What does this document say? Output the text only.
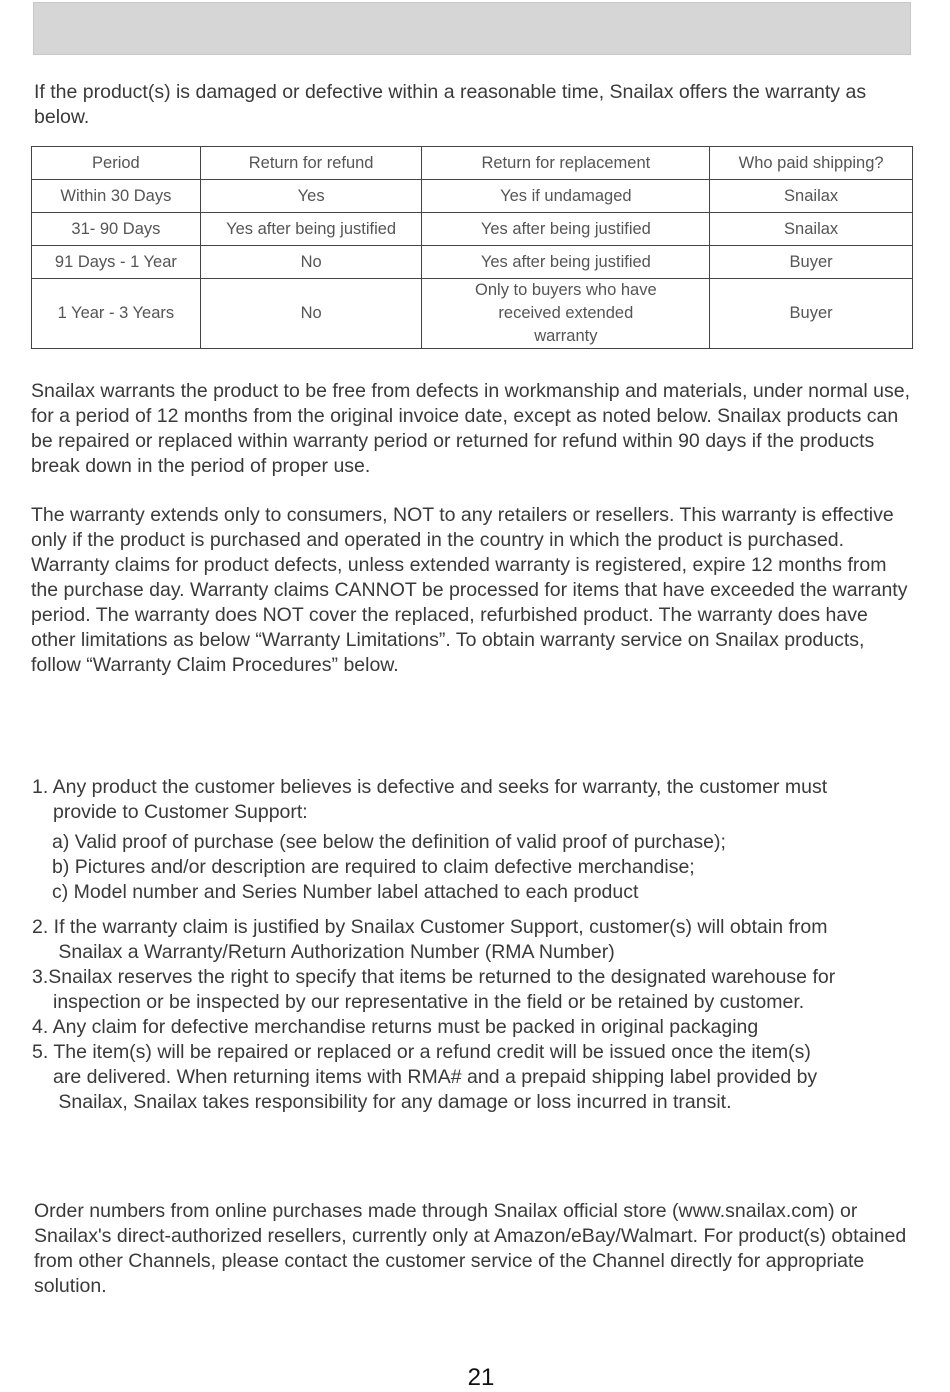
If the product(s) is damaged or defective within a reasonable time, Snailax offers the warranty as below.

Period	Return for refund	Return for replacement	Who paid shipping?
Within 30 Days	Yes	Yes if undamaged	Snailax
31- 90 Days	Yes after being justified	Yes after being justified	Snailax
91 Days - 1 Year	No	Yes after being justified	Buyer
1 Year - 3 Years	No	Only to buyers who have received extended warranty	Buyer

Snailax warrants the product to be free from defects in workmanship and materials, under normal use, for a period of 12 months from the original invoice date, except as noted below. Snailax products can be repaired or replaced within warranty period or returned for refund within 90 days if the products break down in the period of proper use.

The warranty extends only to consumers, NOT to any retailers or resellers. This warranty is effective only if the product is purchased and operated in the country in which the product is purchased. Warranty claims for product defects, unless extended warranty is registered, expire 12 months from the purchase day. Warranty claims CANNOT be processed for items that have exceeded the warranty period. The warranty does NOT cover the replaced, refurbished product. The warranty does have other limitations as below “Warranty Limitations”. To obtain warranty service on Snailax products, follow “Warranty Claim Procedures” below.

1. Any product the customer believes is defective and seeks for warranty, the customer must
provide to Customer Support:
a) Valid proof of purchase (see below the definition of valid proof of purchase);
b) Pictures and/or description are required to claim defective merchandise;
c) Model number and Series Number label attached to each product
2. If the warranty claim is justified by Snailax Customer Support, customer(s) will obtain from
Snailax a Warranty/Return Authorization Number (RMA Number)
3.Snailax reserves the right to specify that items be returned to the designated warehouse for
inspection or be inspected by our representative in the field or be retained by customer.
4. Any claim for defective merchandise returns must be packed in original packaging
5. The item(s) will be repaired or replaced or a refund credit will be issued once the item(s)
are delivered. When returning items with RMA# and a prepaid shipping label provided by
Snailax, Snailax takes responsibility for any damage or loss incurred in transit.

Order numbers from online purchases made through Snailax official store (www.snailax.com) or Snailax's direct-authorized resellers, currently only at Amazon/eBay/Walmart. For product(s) obtained from other Channels, please contact the customer service of the Channel directly for appropriate solution.

21
